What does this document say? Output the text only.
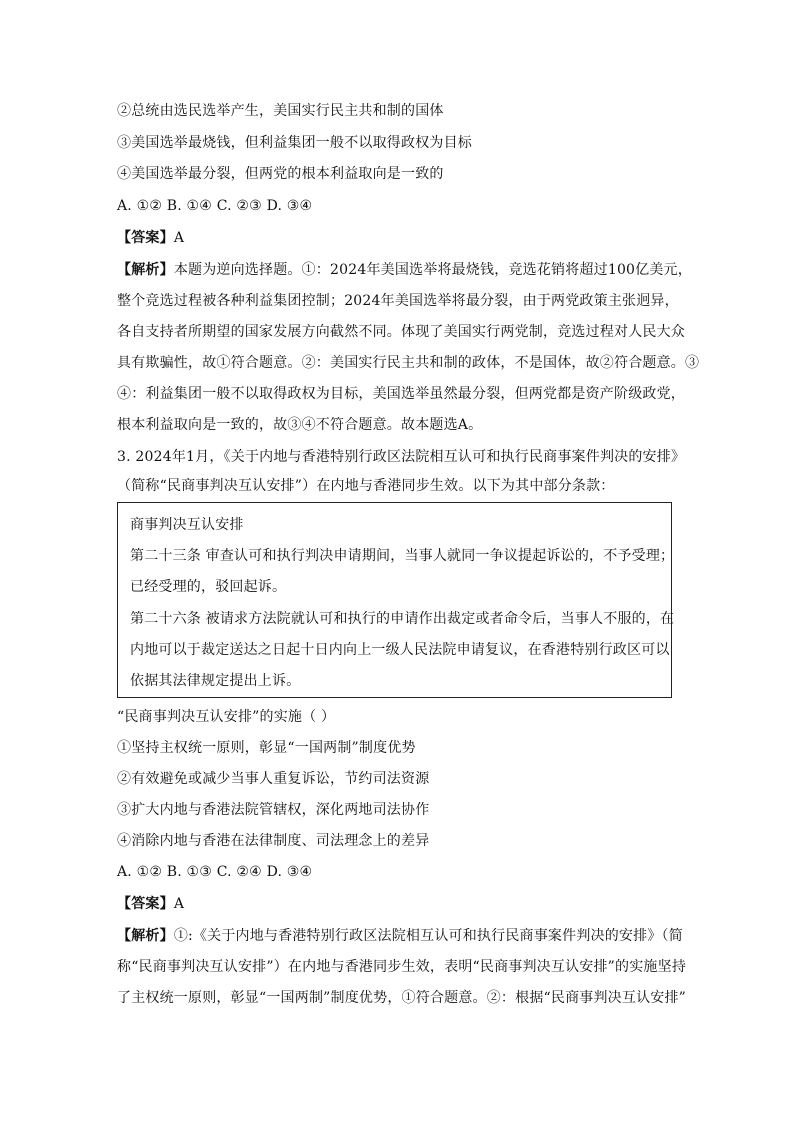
②总统由选民选举产生，美国实行民主共和制的国体
③美国选举最烧钱，但利益集团一般不以取得政权为目标
④美国选举最分裂，但两党的根本利益取向是一致的
A. ①② B. ①④ C. ②③ D. ③④
【答案】A
【解析】本题为逆向选择题。①：2024年美国选举将最烧钱，竞选花销将超过100亿美元，
整个竞选过程被各种利益集团控制；2024年美国选举将最分裂，由于两党政策主张迥异，
各自支持者所期望的国家发展方向截然不同。体现了美国实行两党制，竞选过程对人民大众
具有欺骗性，故①符合题意。②：美国实行民主共和制的政体，不是国体，故②符合题意。③
④：利益集团一般不以取得政权为目标，美国选举虽然最分裂，但两党都是资产阶级政党，
根本利益取向是一致的，故③④不符合题意。故本题选A。
3. 2024年1月，《关于内地与香港特别行政区法院相互认可和执行民商事案件判决的安排》
（简称“民商事判决互认安排”）在内地与香港同步生效。以下为其中部分条款：
商事判决互认安排
第二十三条 审查认可和执行判决申请期间，当事人就同一争议提起诉讼的，不予受理；
已经受理的，驳回起诉。
第二十六条 被请求方法院就认可和执行的申请作出裁定或者命令后，当事人不服的，在
内地可以于裁定送达之日起十日内向上一级人民法院申请复议，在香港特别行政区可以
依据其法律规定提出上诉。
“民商事判决互认安排”的实施（ ）
①坚持主权统一原则，彰显“一国两制”制度优势
②有效避免或减少当事人重复诉讼，节约司法资源
③扩大内地与香港法院管辖权，深化两地司法协作
④消除内地与香港在法律制度、司法理念上的差异
A. ①② B. ①③ C. ②④ D. ③④
【答案】A
【解析】①:《关于内地与香港特别行政区法院相互认可和执行民商事案件判决的安排》（简
称“民商事判决互认安排”）在内地与香港同步生效，表明“民商事判决互认安排”的实施坚持
了主权统一原则，彰显“一国两制”制度优势，①符合题意。②：根据“民商事判决互认安排”
